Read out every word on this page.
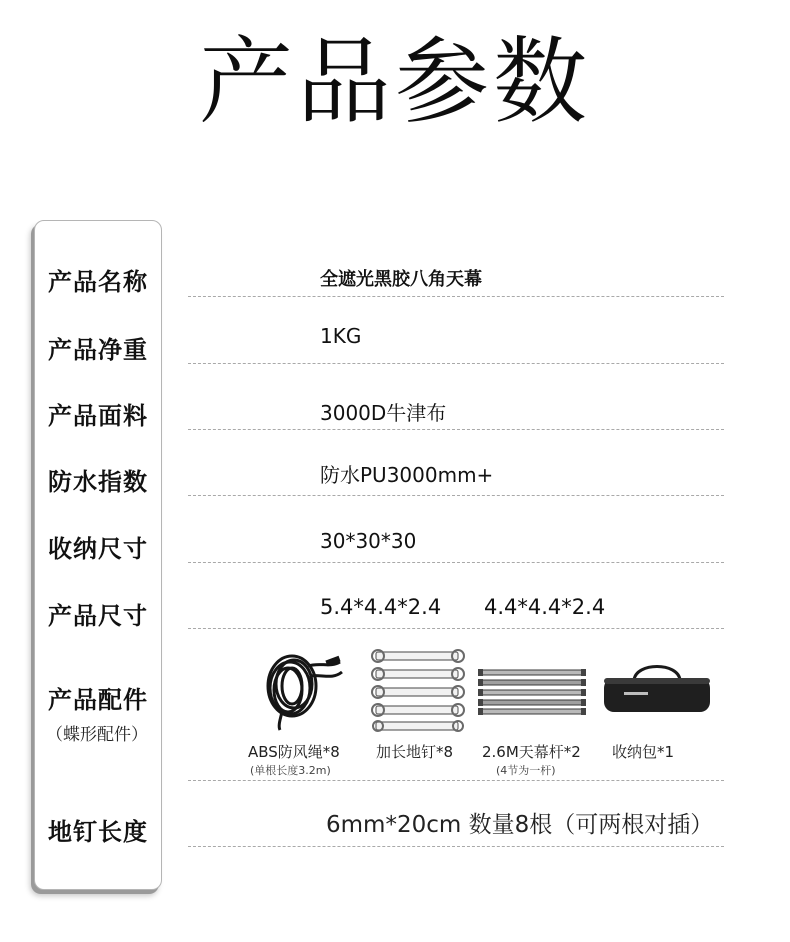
产品参数
产品名称
产品净重
产品面料
防水指数
收纳尺寸
产品尺寸
产品配件
（蝶形配件）
地钉长度
全遮光黑胶八角天幕
1KG
3000D牛津布
防水PU3000mm+
30*30*30
5.4*4.4*2.4 4.4*4.4*2.4
6mm*20cm 数量8根（可两根对插）
ABS防风绳*8
(单根长度3.2m)
加长地钉*8 2.6M天幕杆*2
(4节为一杆)
收纳包*1
